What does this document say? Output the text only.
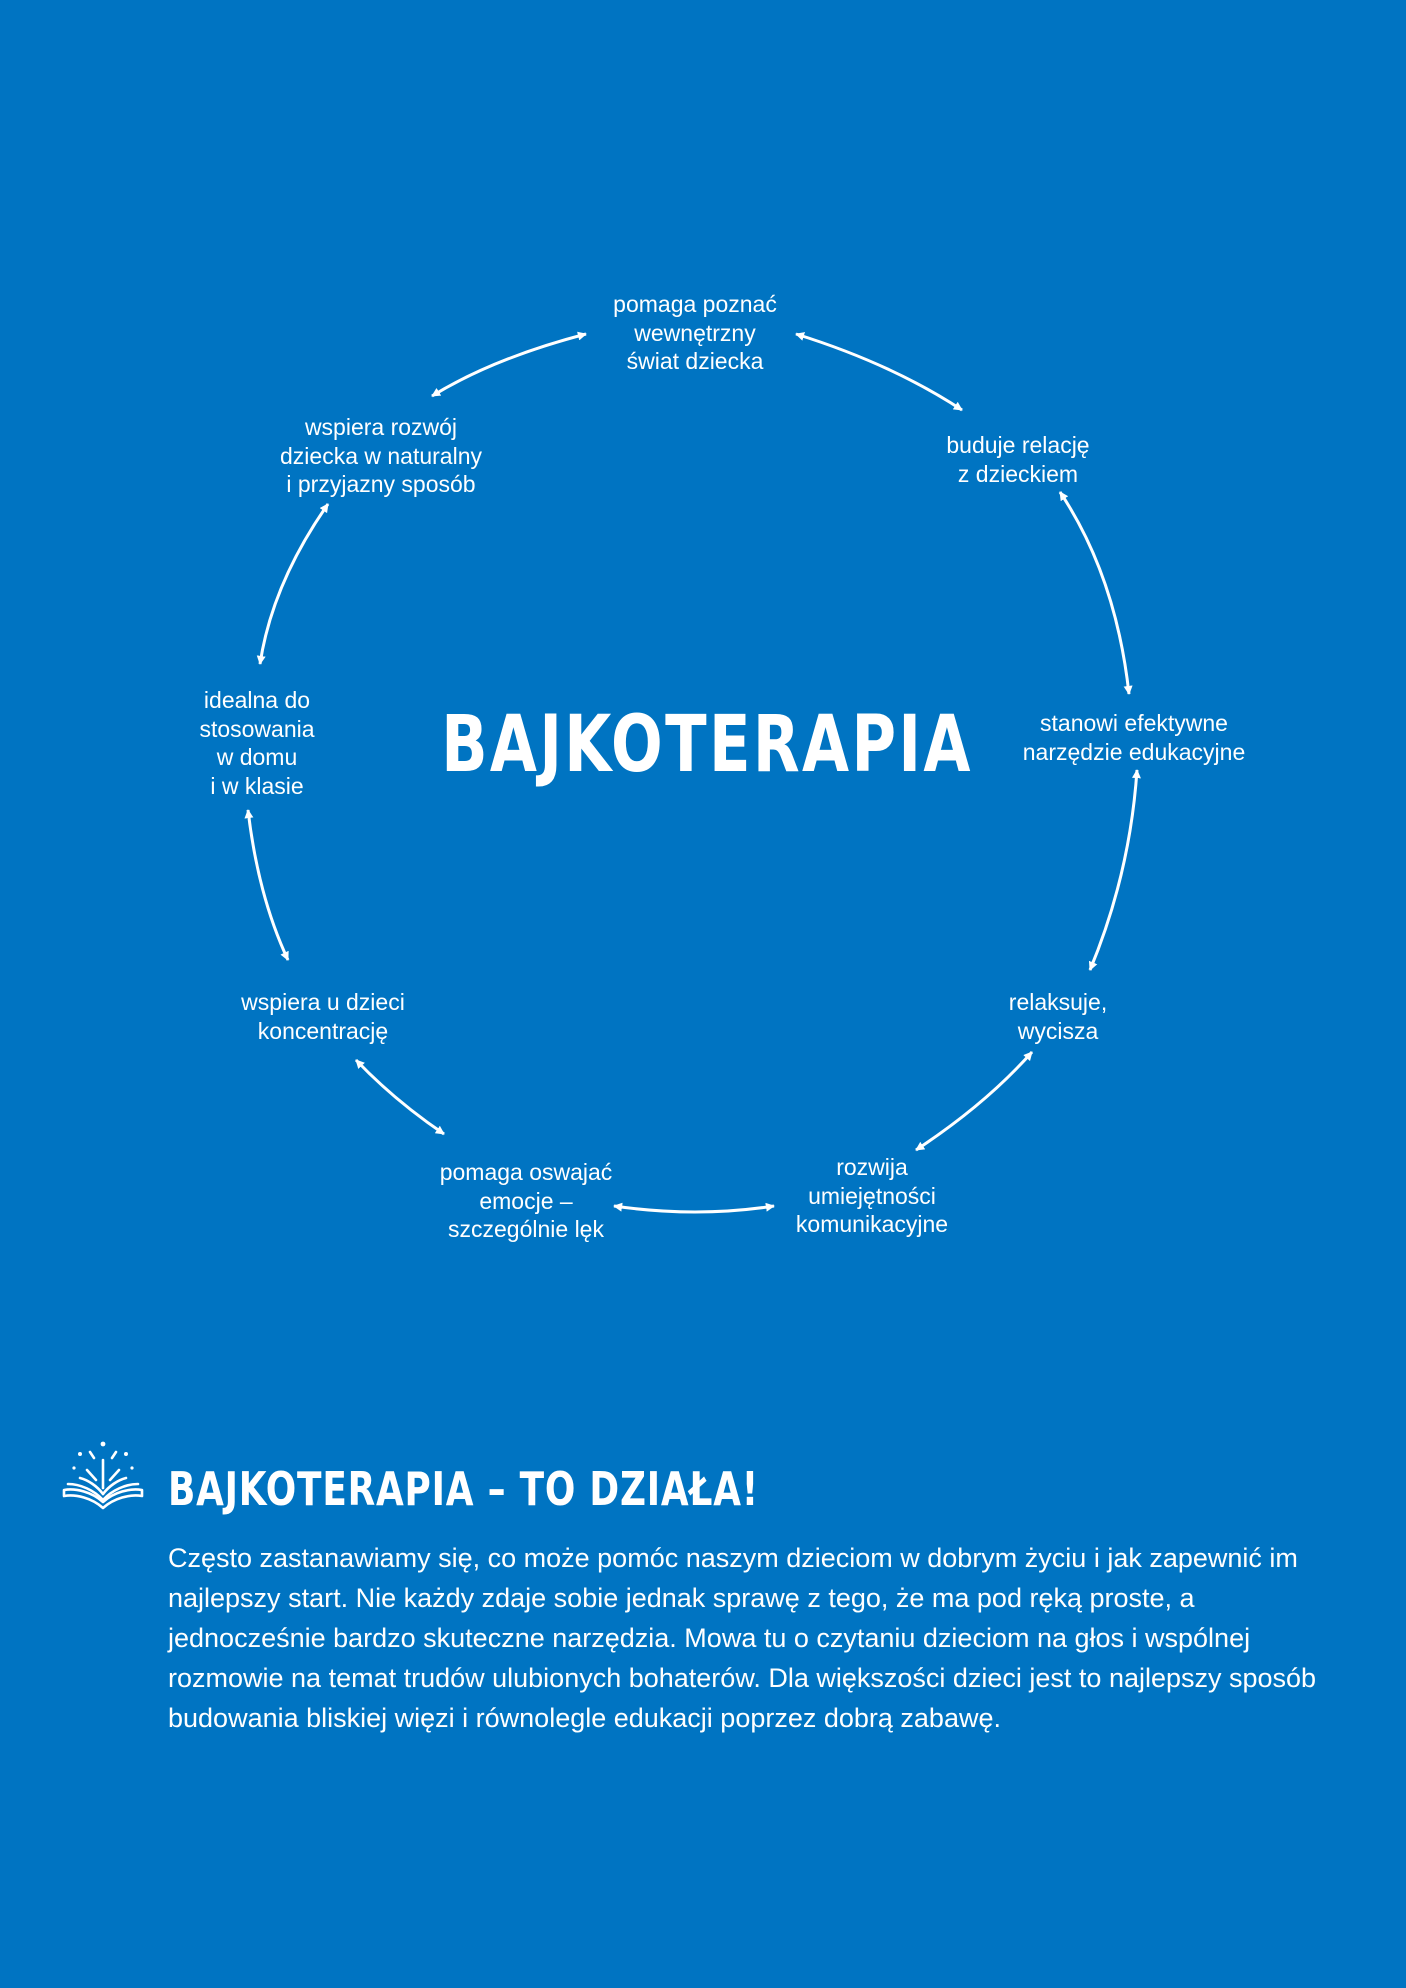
pomaga poznać
wewnętrzny
świat dziecka
buduje relację
z dzieckiem
stanowi efektywne
narzędzie edukacyjne
relaksuje,
wycisza
rozwija
umiejętności
komunikacyjne
pomaga oswajać
emocje –
szczególnie lęk
wspiera u dzieci
koncentrację
idealna do
stosowania
w domu
i w klasie
wspiera rozwój
dziecka w naturalny
i przyjazny sposób
BAJKOTERAPIA
BAJKOTERAPIA – TO DZIAŁA!
Często zastanawiamy się, co może pomóc naszym dzieciom w dobrym życiu i jak zapewnić im najlepszy start. Nie każdy zdaje sobie jednak sprawę z tego, że ma pod ręką proste, a jednocześnie bardzo skuteczne narzędzia. Mowa tu o czytaniu dzieciom na głos i wspólnej rozmowie na temat trudów ulubionych bohaterów. Dla większości dzieci jest to najlepszy sposób budowania bliskiej więzi i równolegle edukacji poprzez dobrą zabawę.
